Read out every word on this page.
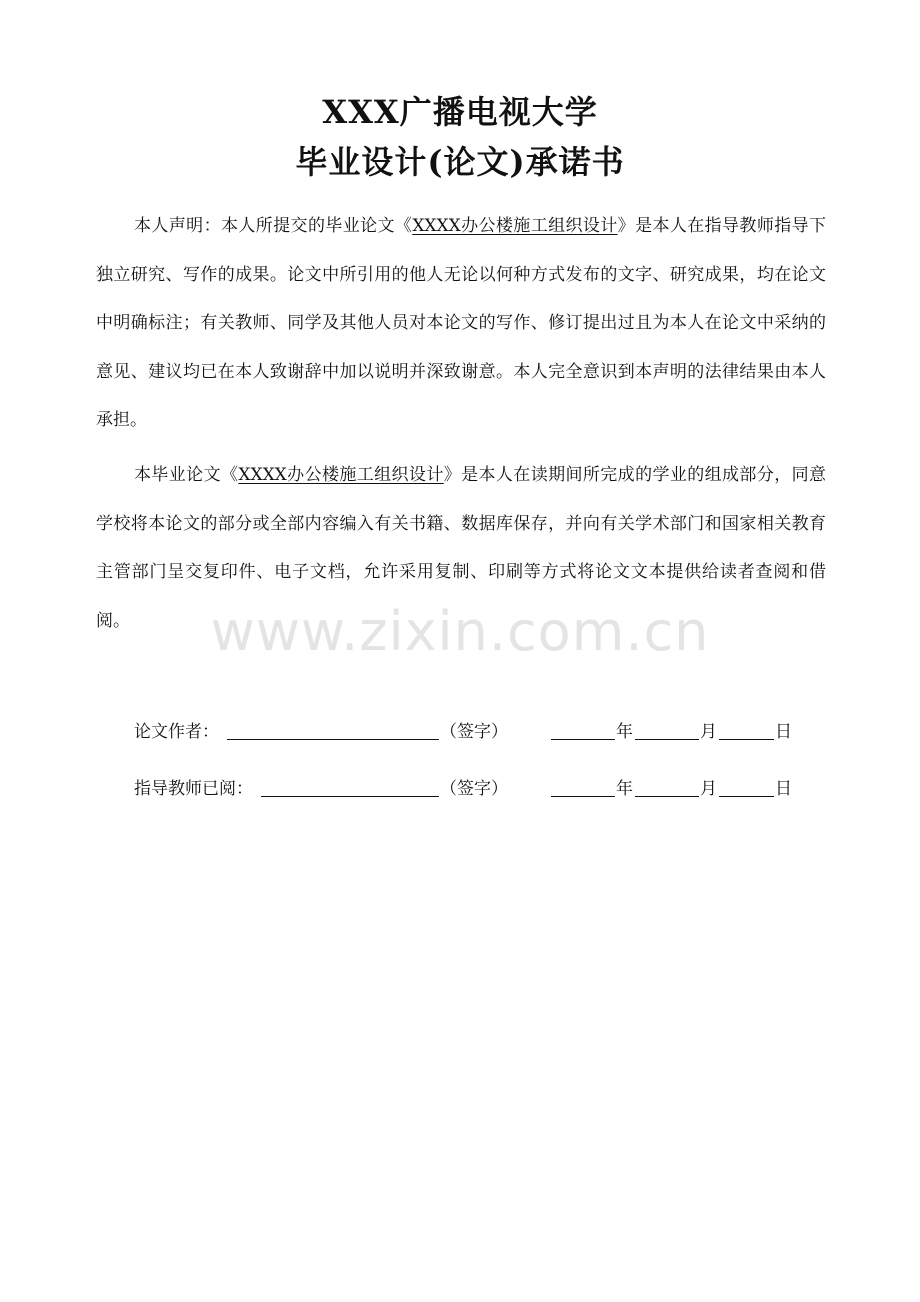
XXX广播电视大学
毕业设计(论文)承诺书

本人声明：本人所提交的毕业论文《XXXX办公楼施工组织设计》是本人在指导教师指导下独立研究、写作的成果。论文中所引用的他人无论以何种方式发布的文字、研究成果，均在论文中明确标注；有关教师、同学及其他人员对本论文的写作、修订提出过且为本人在论文中采纳的意见、建议均已在本人致谢辞中加以说明并深致谢意。本人完全意识到本声明的法律结果由本人承担。

本毕业论文《XXXX办公楼施工组织设计》是本人在读期间所完成的学业的组成部分，同意学校将本论文的部分或全部内容编入有关书籍、数据库保存，并向有关学术部门和国家相关教育主管部门呈交复印件、电子文档，允许采用复制、印刷等方式将论文文本提供给读者查阅和借阅。	www.zixin.com.cn
论文作者：	（签字）	年	月	日
指导教师已阅：	（签字）	年	月	日
